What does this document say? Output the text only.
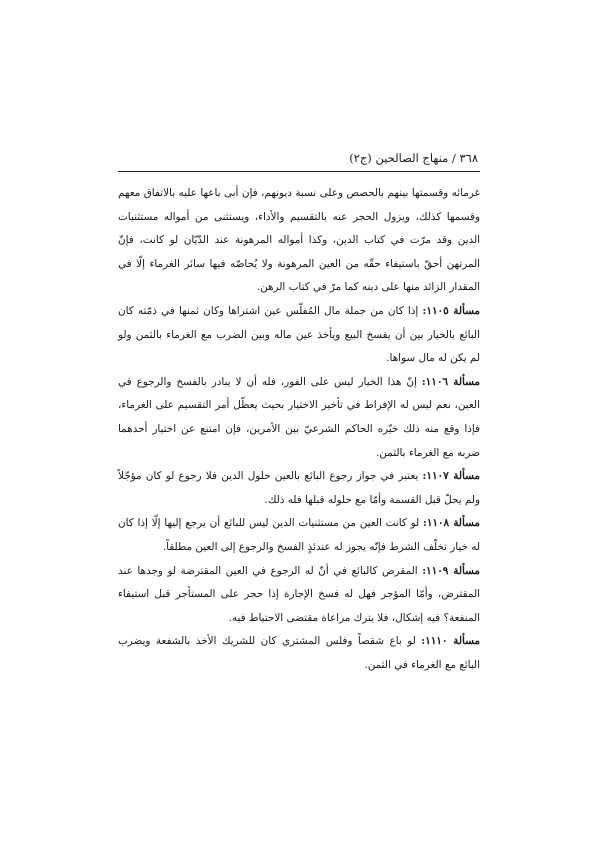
٣٦٨ / منهاج الصالحين (ج٢)

غرمائه وقسمتها بينهم بالحصص وعلى نسبة ديونهم، فإن أبى باعها عليه بالاتفاق معهم وقسمها كذلك، ويزول الحجر عنه بالتقسيم والأداء، ويستثنى من أمواله مستثنيات الدين وقد مرّت في كتاب الدين، وكذا أمواله المرهونة عند الدّيّان لو كانت، فإنّ المرتهن أحقّ باستيفاء حقّه من العين المرهونة ولا يُحاصّه فيها سائر الغرماء إلّا في المقدار الزائد منها على دينه كما مرّ في كتاب الرهن.

مسألة ١١٠٥: إذا كان من جملة مال المُفلّس عين اشتراها وكان ثمنها في ذمّته كان البائع بالخيار بين أن يفسخ البيع ويأخذ عين ماله وبين الضرب مع الغرماء بالثمن ولو لم يكن له مال سواها.

مسألة ١١٠٦: إنّ هذا الخيار ليس على الفور، فله أن لا يبادر بالفسخ والرجوع في العين، نعم ليس له الإفراط في تأخير الاختيار بحيث يعطّل أمر التقسيم على الغرماء، فإذا وقع منه ذلك خيّره الحاكم الشرعيّ بين الأمرين، فإن امتنع عن اختيار أحدهما ضربه مع الغرماء بالثمن.

مسألة ١١٠٧: يعتبر في جواز رجوع البائع بالعين حلول الدين فلا رجوع لو كان مؤجّلاً ولم يحلّ قبل القسمة وأمّا مع حلوله قبلها فله ذلك.

مسألة ١١٠٨: لو كانت العين من مستثنيات الدين ليس للبائع أن يرجع إليها إلّا إذا كان له خيار تخلّف الشرط فإنّه يجوز له عندئذٍ الفسخ والرجوع إلى العين مطلقاً.

مسألة ١١٠٩: المقرض كالبائع في أنّ له الرجوع في العين المقترضة لو وجدها عند المقترض، وأمّا المؤجر فهل له فسخ الإجارة إذا حجر على المستأجر قبل استيفاء المنفعة؟ فيه إشكال، فلا يترك مراعاة مقتضى الاحتياط فيه.

مسألة ١١١٠: لو باع شقصاً وفلس المشتري كان للشريك الأخذ بالشفعة ويضرب البائع مع الغرماء في الثمن.
